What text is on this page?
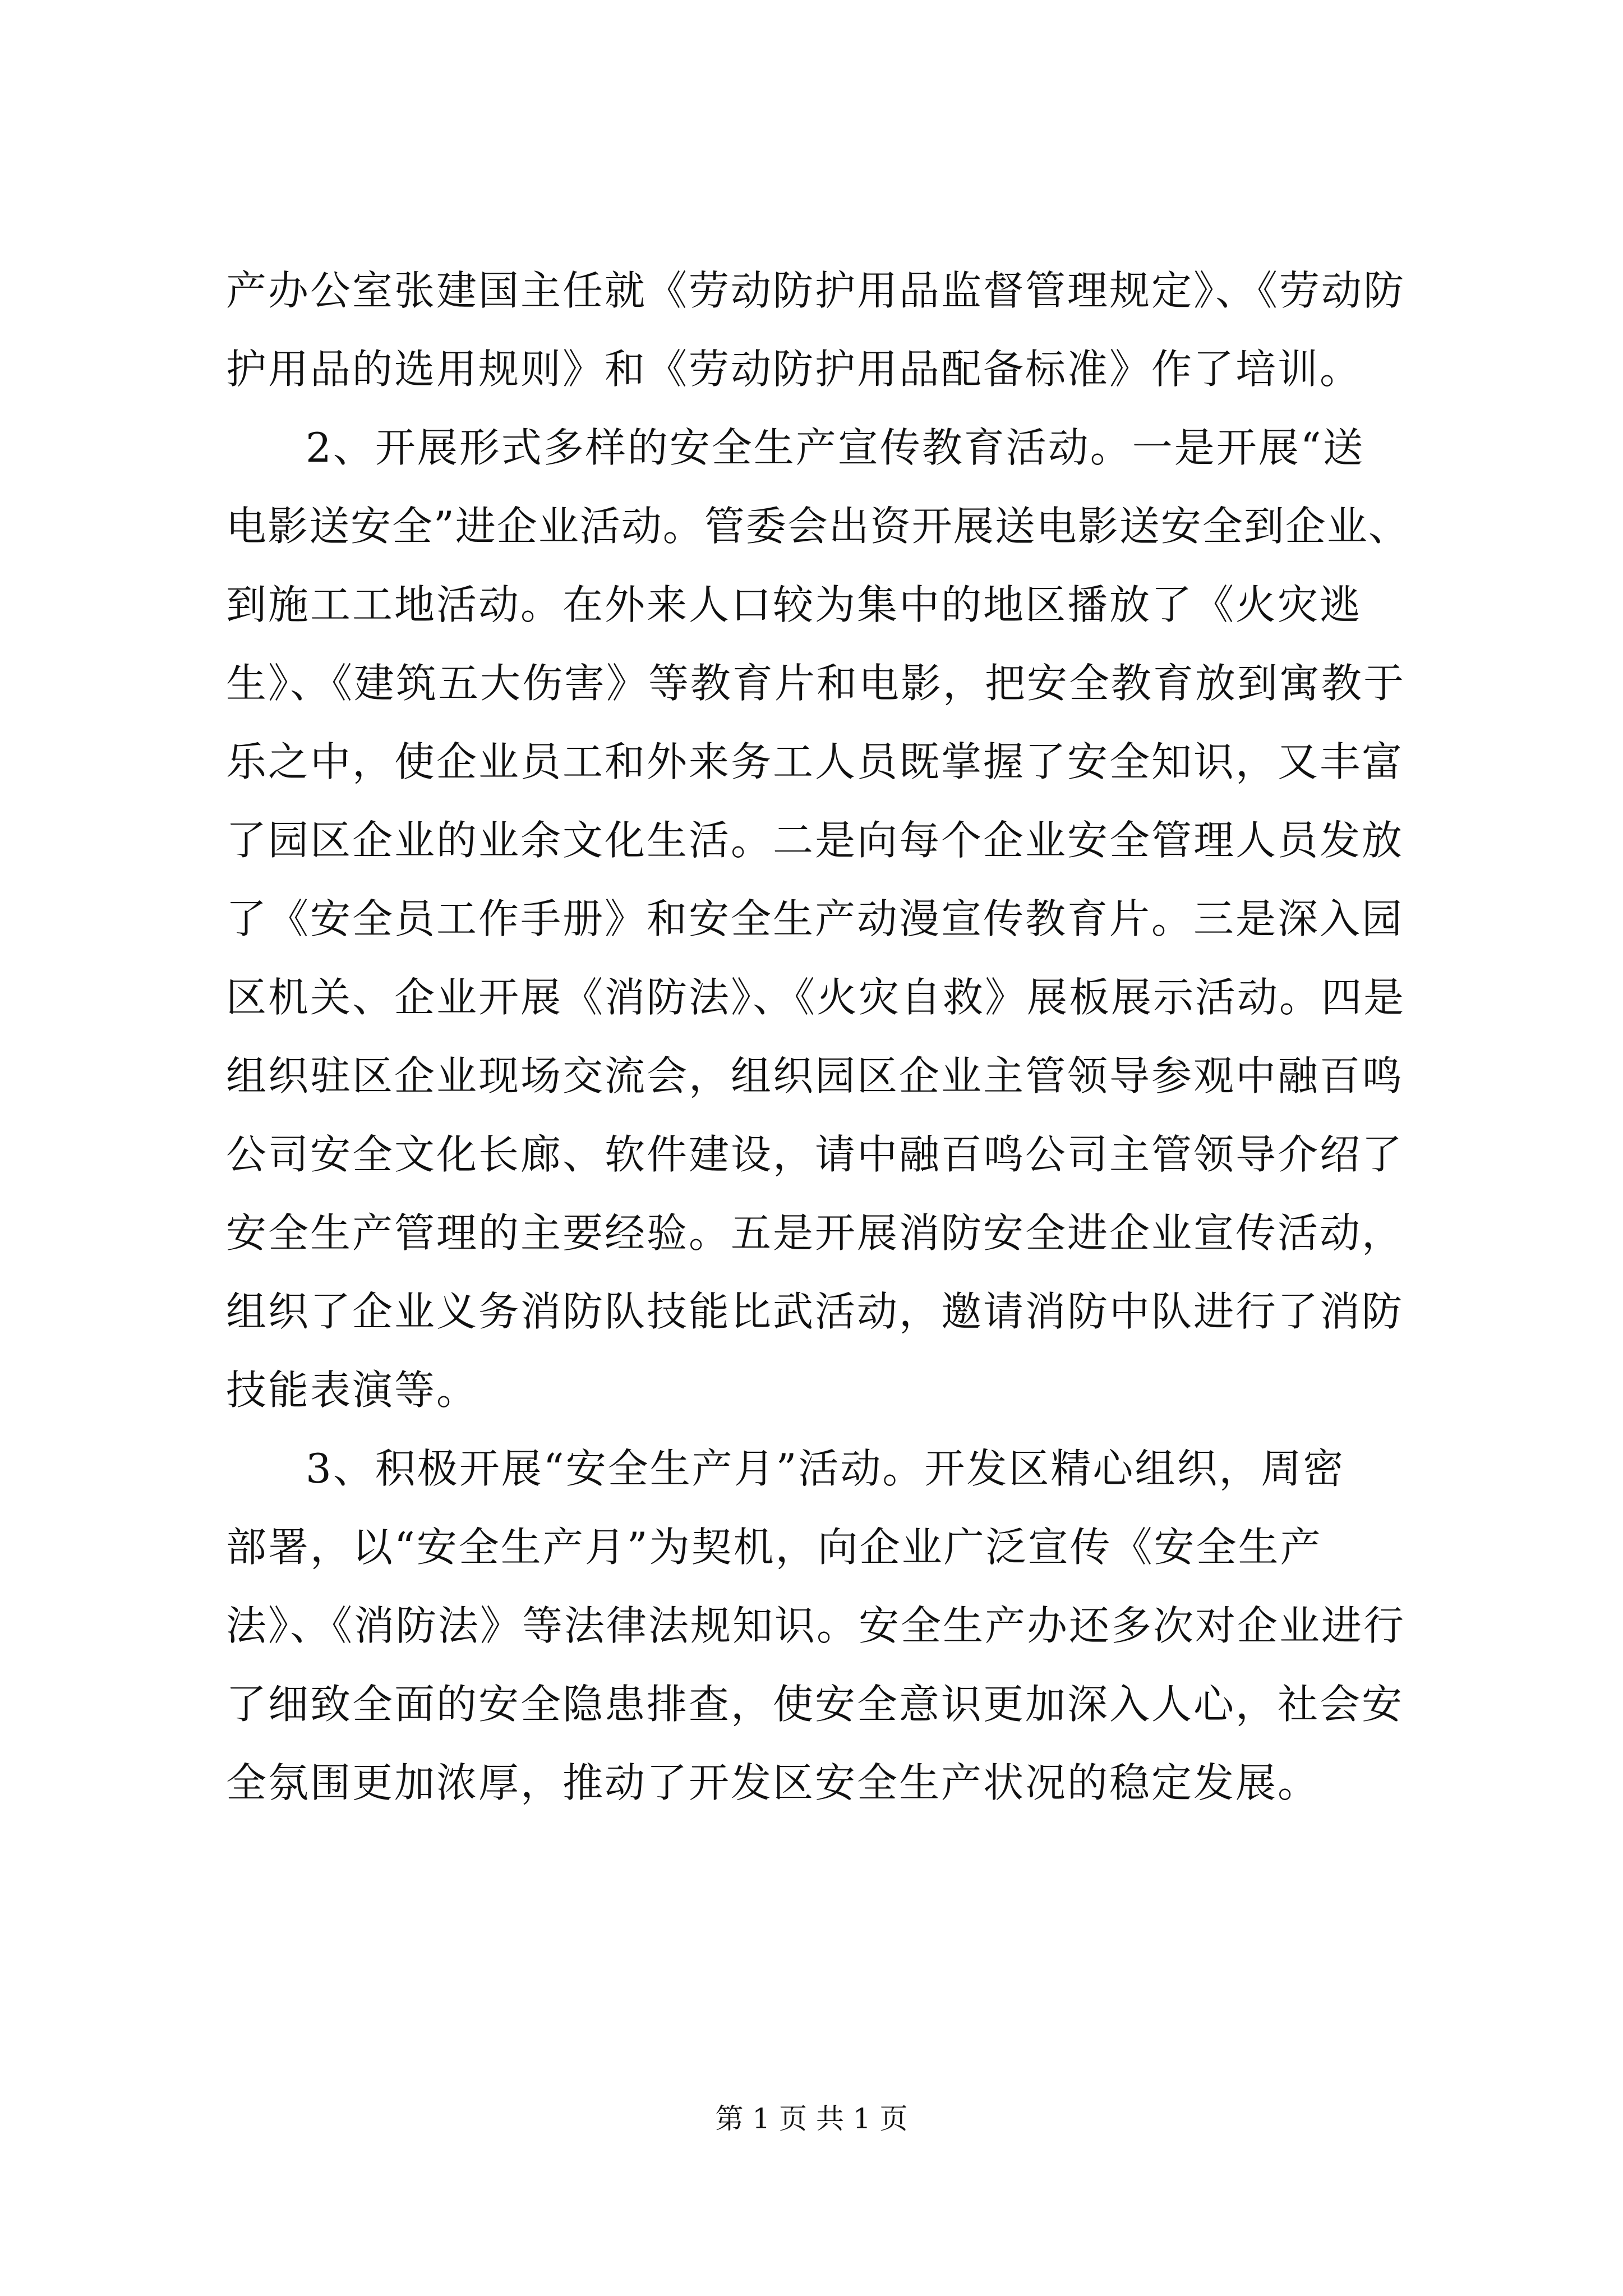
产办公室张建国主任就《劳动防护用品监督管理规定》、《劳动防
护用品的选用规则》和《劳动防护用品配备标准》作了培训。
2、开展形式多样的安全生产宣传教育活动。一是开展“送
电影送安全”进企业活动。管委会出资开展送电影送安全到企业、
到施工工地活动。在外来人口较为集中的地区播放了《火灾逃
生》、《建筑五大伤害》等教育片和电影，把安全教育放到寓教于
乐之中，使企业员工和外来务工人员既掌握了安全知识，又丰富
了园区企业的业余文化生活。二是向每个企业安全管理人员发放
了《安全员工作手册》和安全生产动漫宣传教育片。三是深入园
区机关、企业开展《消防法》、《火灾自救》展板展示活动。四是
组织驻区企业现场交流会，组织园区企业主管领导参观中融百鸣
公司安全文化长廊、软件建设，请中融百鸣公司主管领导介绍了
安全生产管理的主要经验。五是开展消防安全进企业宣传活动，
组织了企业义务消防队技能比武活动，邀请消防中队进行了消防
技能表演等。
3、积极开展“安全生产月”活动。开发区精心组织，周密
部署，以“安全生产月”为契机，向企业广泛宣传《安全生产
法》、《消防法》等法律法规知识。安全生产办还多次对企业进行
了细致全面的安全隐患排查，使安全意识更加深入人心，社会安
全氛围更加浓厚，推动了开发区安全生产状况的稳定发展。
第 1 页 共 1 页
